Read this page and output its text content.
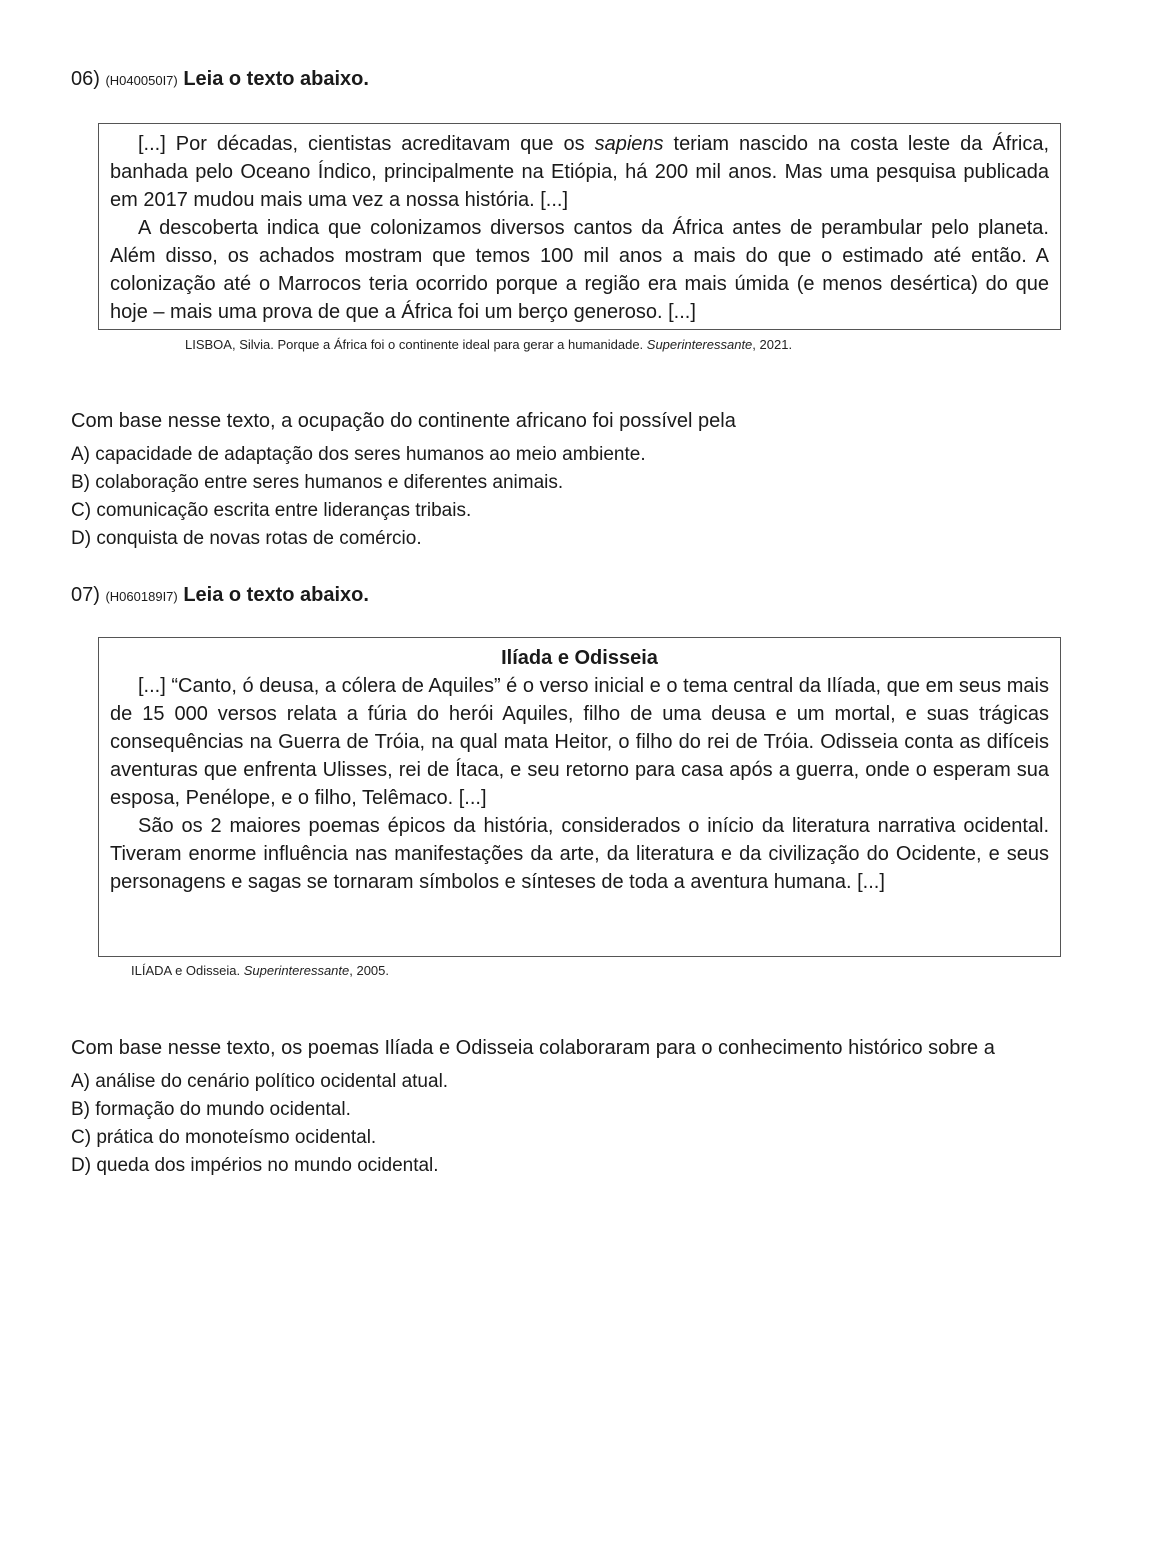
06) (H040050I7) Leia o texto abaixo.

[...] Por décadas, cientistas acreditavam que os sapiens teriam nascido na costa leste da África, banhada pelo Oceano Índico, principalmente na Etiópia, há 200 mil anos. Mas uma pesquisa publicada em 2017 mudou mais uma vez a nossa história. [...]

A descoberta indica que colonizamos diversos cantos da África antes de perambular pelo planeta. Além disso, os achados mostram que temos 100 mil anos a mais do que o estimado até então. A colonização até o Marrocos teria ocorrido porque a região era mais úmida (e menos desértica) do que hoje – mais uma prova de que a África foi um berço generoso. [...]

LISBOA, Silvia. Porque a África foi o continente ideal para gerar a humanidade. Superinteressante, 2021.
Com base nesse texto, a ocupação do continente africano foi possível pela
A) capacidade de adaptação dos seres humanos ao meio ambiente.
B) colaboração entre seres humanos e diferentes animais.
C) comunicação escrita entre lideranças tribais.
D) conquista de novas rotas de comércio.
07) (H060189I7) Leia o texto abaixo.

Ilíada e Odisseia

[...] “Canto, ó deusa, a cólera de Aquiles” é o verso inicial e o tema central da Ilíada, que em seus mais de 15 000 versos relata a fúria do herói Aquiles, filho de uma deusa e um mortal, e suas trágicas consequências na Guerra de Tróia, na qual mata Heitor, o filho do rei de Tróia. Odisseia conta as difíceis aventuras que enfrenta Ulisses, rei de Ítaca, e seu retorno para casa após a guerra, onde o esperam sua esposa, Penélope, e o filho, Telêmaco. [...]

São os 2 maiores poemas épicos da história, considerados o início da literatura narrativa ocidental. Tiveram enorme influência nas manifestações da arte, da literatura e da civilização do Ocidente, e seus personagens e sagas se tornaram símbolos e sínteses de toda a aventura humana. [...]

ILÍADA e Odisseia. Superinteressante, 2005.
Com base nesse texto, os poemas Ilíada e Odisseia colaboraram para o conhecimento histórico sobre a
A) análise do cenário político ocidental atual.
B) formação do mundo ocidental.
C) prática do monoteísmo ocidental.
D) queda dos impérios no mundo ocidental.
